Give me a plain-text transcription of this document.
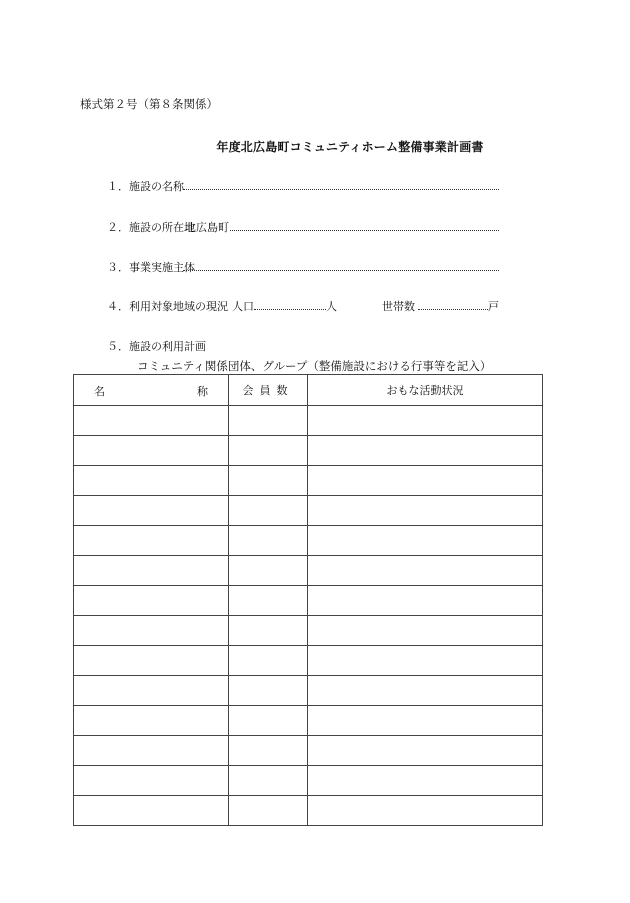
様式第２号（第８条関係）
年度北広島町コミュニティホーム整備事業計画書
１．施設の名称
２．施設の所在地
北広島町
３．事業実施主体
４．利用対象地域の現況 人口	人	世帯数	戸
５．施設の利用計画
コミュニティ関係団体、グループ（整備施設における行事等を記入）
名 称	会員数	おもな活動状況
